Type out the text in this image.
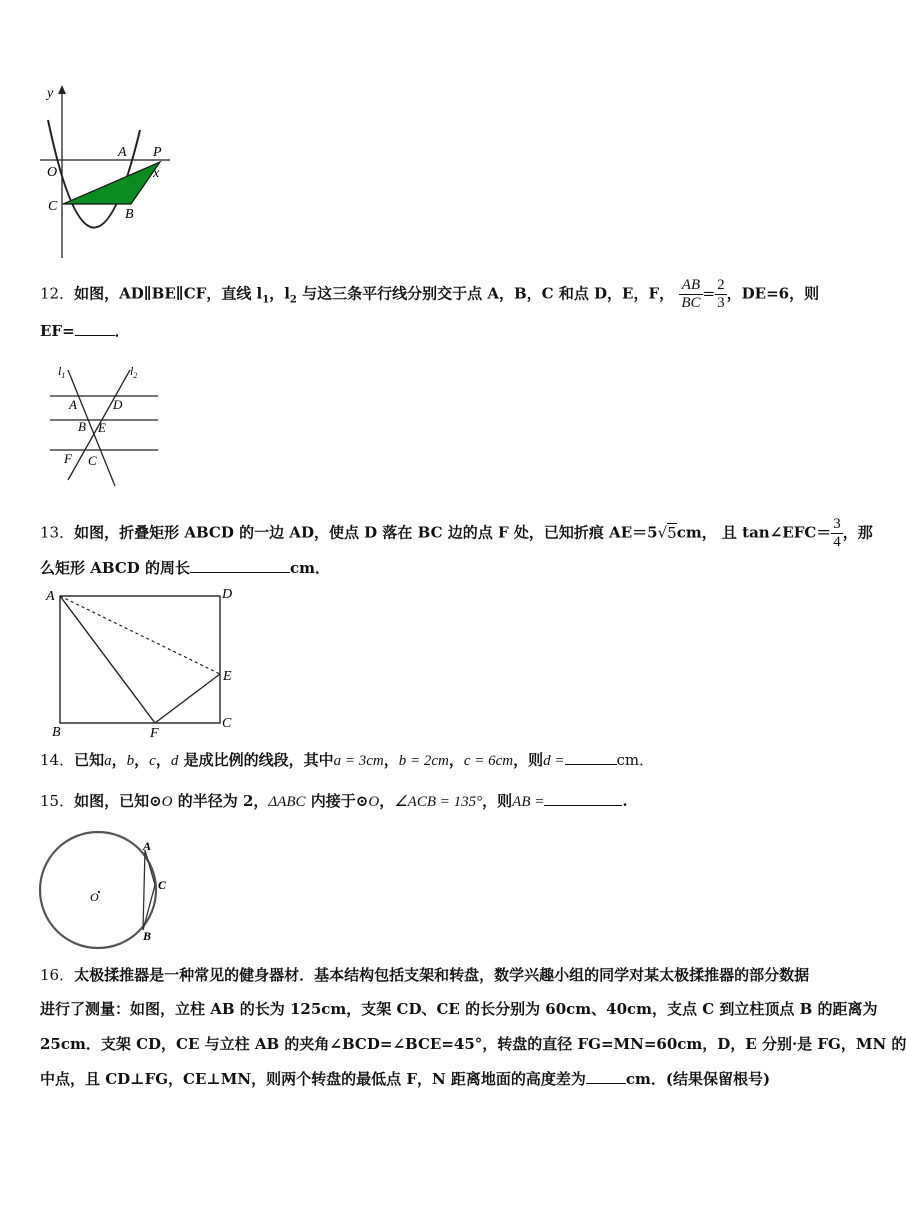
y
O
A P
x
C
B
12．如图，AD∥BE∥CF，直线 $l_1$，$l_2$ 与这三条平行线分别交于点 A，B，C 和点 D，E，F， $\frac{AB}{BC} = \frac{2}{3}$ ，DE=6，则
EF=	．
$l_1$	$l_2$
A	D
B E
F C
13．如图，折叠矩形 ABCD 的一边 AD，使点 D 落在 BC 边的点 F 处，已知折痕 AE＝5√5cm， 且 tan∠EFC＝ $\frac{3}{4}$ ，那
么矩形 ABCD 的周长	cm．
A	D
E
B	F
C
14．已知a，b，c，d 是成比例的线段，其中a = 3cm，b = 2cm，c = 6cm，则d =	cm．
15．如图，已知⊙O 的半径为 2，ΔABC 内接于⊙O，∠ACB = 135°，则AB =	.
O
A
C
B
16．太极揉推器是一种常见的健身器材．基本结构包括支架和转盘，数学兴趣小组的同学对某太极揉推器的部分数据
进行了测量：如图，立柱 AB 的长为 125cm，支架 CD、CE 的长分别为 60cm、40cm，支点 C 到立柱顶点 B 的距离为
25cm．支架 CD，CE 与立柱 AB 的夹角∠BCD=∠BCE=45°，转盘的直径 FG=MN=60cm，D，E 分别·是 FG，MN 的
中点，且 CD⊥FG，CE⊥MN，则两个转盘的最低点 F，N 距离地面的高度差为	cm．(结果保留根号)
